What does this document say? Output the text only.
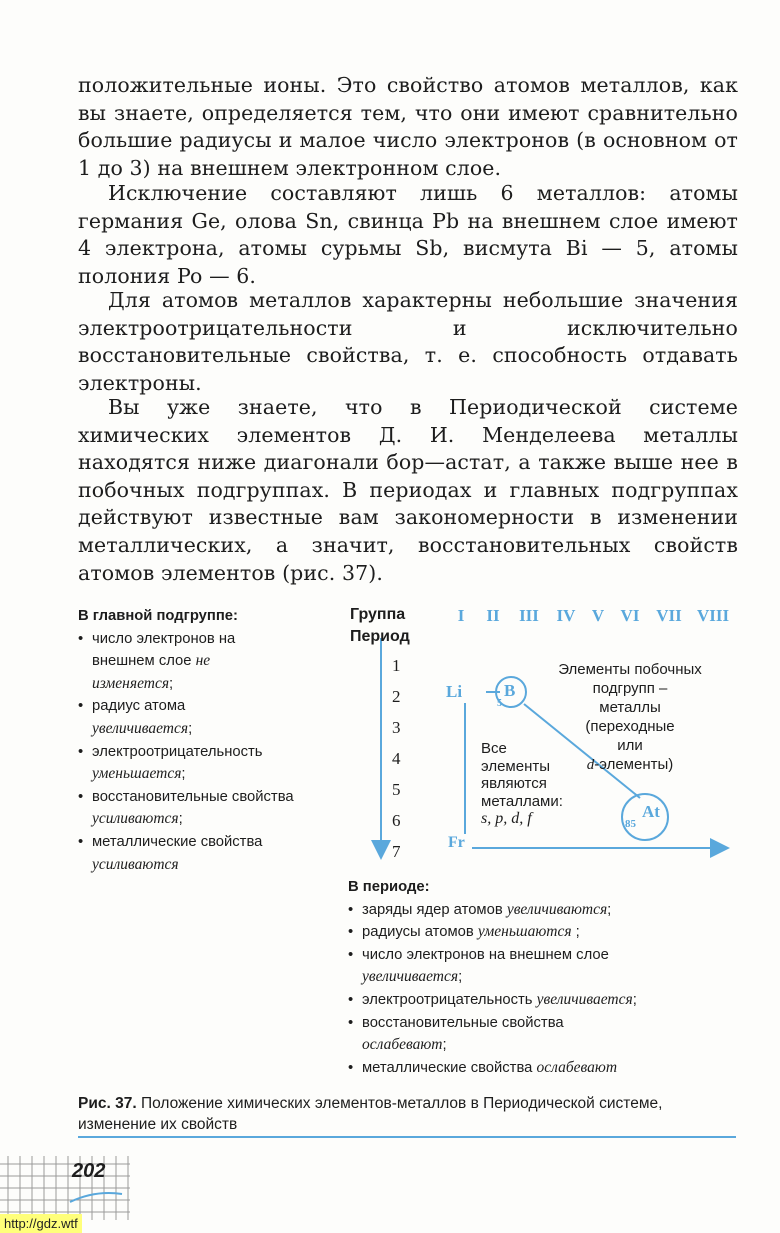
положительные ионы. Это свойство атомов металлов, как вы знаете, определяется тем, что они имеют сравнительно большие радиусы и малое число электронов (в основном от 1 до 3) на внешнем электронном слое.

Исключение составляют лишь 6 металлов: атомы германия Ge, олова Sn, свинца Pb на внешнем слое имеют 4 электрона, атомы сурьмы Sb, висмута Bi — 5, атомы полония Po — 6.

Для атомов металлов характерны небольшие значения электроотрицательности и исключительно восстановительные свойства, т. е. способность отдавать электроны.

Вы уже знаете, что в Периодической системе химических элементов Д. И. Менделеева металлы находятся ниже диагонали бор—астат, а также выше нее в побочных подгруппах. В периодах и главных подгруппах действуют известные вам закономерности в изменении металлических, а значит, восстановительных свойств атомов элементов (рис. 37).

В главной подгруппе:
• число электронов на внешнем слое не изменяется;
• радиус атома увеличивается;
• электроотрицательность уменьшается;
• восстановительные свойства усиливаются;
• металлические свойства усиливаются
Группа
Период
I	II	III	IV V VI VII VIII
1
2
3
4
5
6
7
Li B
5
At
85
Fr
Элементы побочных
подгрупп –
металлы
(переходные
или
d-элементы)
Все
элементы
являются
металлами:
s, p, d, f
В периоде:
• заряды ядер атомов увеличиваются;
• радиусы атомов уменьшаются ;
• число электронов на внешнем слое увеличивается;
• электроотрицательность увеличивается;
• восстановительные свойства ослабевают;
• металлические свойства ослабевают
Рис. 37. Положение химических элементов-металлов в Периодической системе, изменение их свойств
202
http://gdz.wtf
